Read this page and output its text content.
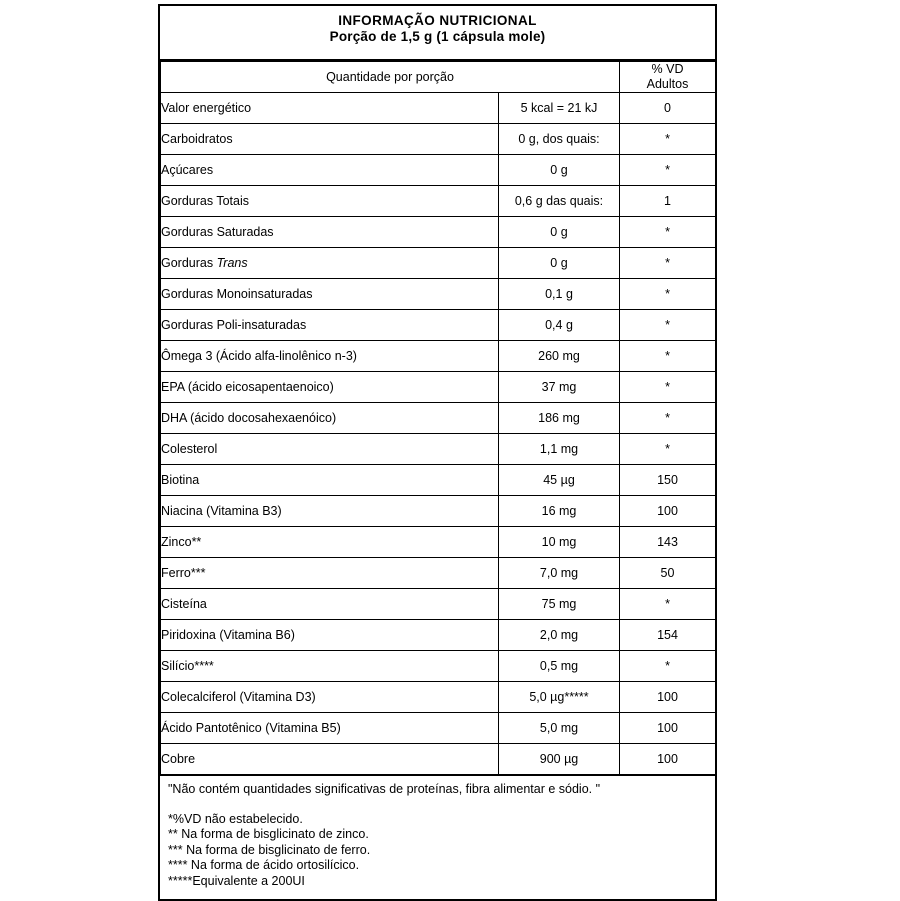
INFORMAÇÃO NUTRICIONAL
Porção de 1,5 g (1 cápsula mole)
Quantidade por porção		% VD
Adultos

Valor energético	5 kcal = 21 kJ	0
Carboidratos	0 g, dos quais:	*
Açúcares	0 g	*
Gorduras Totais	0,6 g das quais:	1
Gorduras Saturadas	0 g	*
Gorduras Trans	0 g	*
Gorduras Monoinsaturadas	0,1 g	*
Gorduras Poli-insaturadas	0,4 g	*
Ômega 3 (Ácido alfa-linolênico n-3)	260 mg	*
EPA (ácido eicosapentaenoico)	37 mg	*
DHA (ácido docosahexaenóico)	186 mg	*
Colesterol	1,1 mg	*
Biotina	45 µg	150
Niacina (Vitamina B3)	16 mg	100
Zinco**	10 mg	143
Ferro***	7,0 mg	50
Cisteína	75 mg	*
Piridoxina (Vitamina B6)	2,0 mg	154
Silício****	0,5 mg	*
Colecalciferol (Vitamina D3)	5,0 µg*****	100
Ácido Pantotênico (Vitamina B5)	5,0 mg	100
Cobre	900 µg	100

"Não contém quantidades significativas de proteínas, fibra alimentar e sódio. "

*%VD não estabelecido.

** Na forma de bisglicinato de zinco.

*** Na forma de bisglicinato de ferro.

**** Na forma de ácido ortosilícico.

*****Equivalente a 200UI
